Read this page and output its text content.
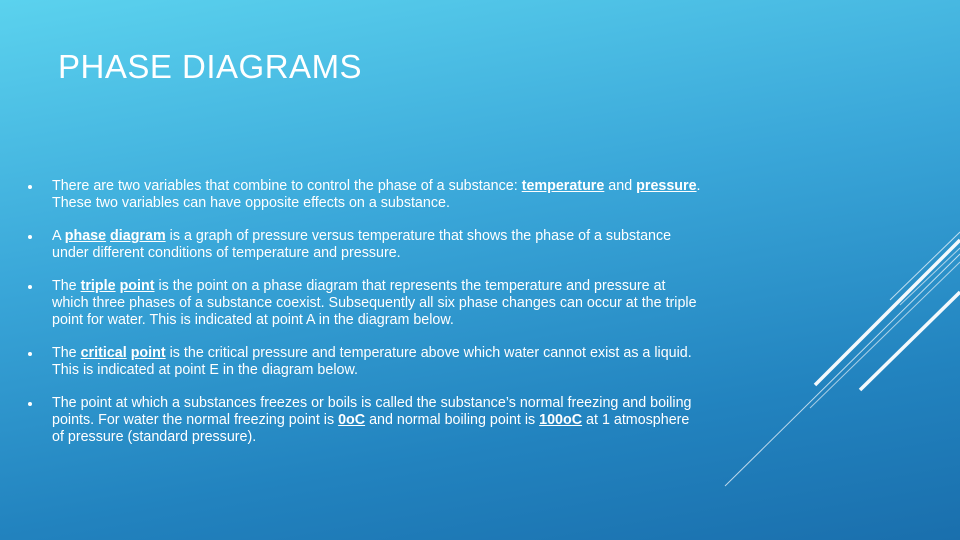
PHASE DIAGRAMS
There are two variables that combine to control the phase of a substance: temperature and pressure. These two variables can have opposite effects on a substance.
A phase diagram is a graph of pressure versus temperature that shows the phase of a substance under different conditions of temperature and pressure.
The triple point is the point on a phase diagram that represents the temperature and pressure at which three phases of a substance coexist. Subsequently all six phase changes can occur at the triple point for water. This is indicated at point A in the diagram below.
The critical point is the critical pressure and temperature above which water cannot exist as a liquid. This is indicated at point E in the diagram below.
The point at which a substances freezes or boils is called the substance’s normal freezing and boiling points. For water the normal freezing point is 0oC and normal boiling point is 100oC at 1 atmosphere of pressure (standard pressure).
